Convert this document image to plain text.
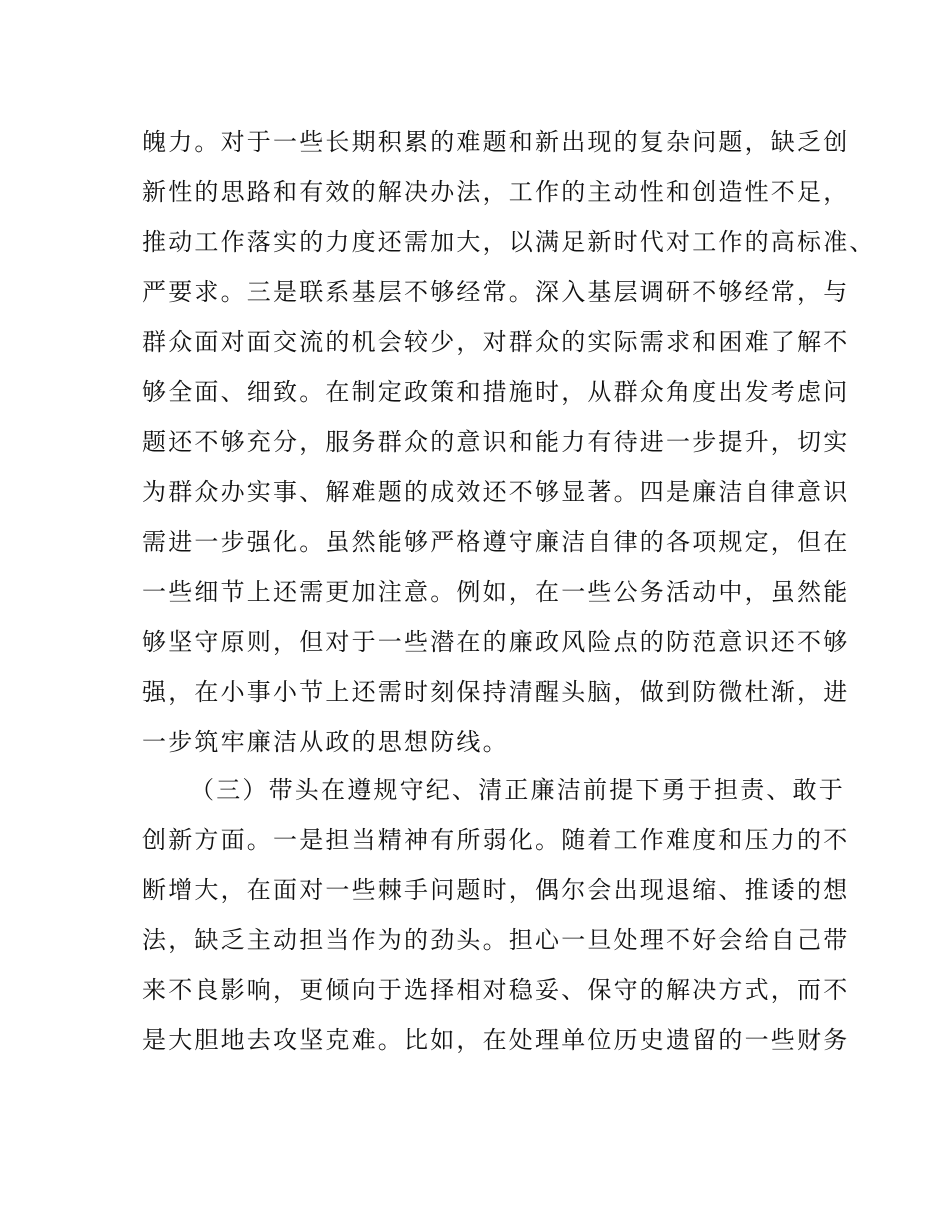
魄力。对于一些长期积累的难题和新出现的复杂问题，缺乏创
新性的思路和有效的解决办法，工作的主动性和创造性不足，
推动工作落实的力度还需加大，以满足新时代对工作的高标准、
严要求。三是联系基层不够经常。深入基层调研不够经常，与
群众面对面交流的机会较少，对群众的实际需求和困难了解不
够全面、细致。在制定政策和措施时，从群众角度出发考虑问
题还不够充分，服务群众的意识和能力有待进一步提升，切实
为群众办实事、解难题的成效还不够显著。四是廉洁自律意识
需进一步强化。虽然能够严格遵守廉洁自律的各项规定，但在
一些细节上还需更加注意。例如，在一些公务活动中，虽然能
够坚守原则，但对于一些潜在的廉政风险点的防范意识还不够
强，在小事小节上还需时刻保持清醒头脑，做到防微杜渐，进
一步筑牢廉洁从政的思想防线。
（三）带头在遵规守纪、清正廉洁前提下勇于担责、敢于
创新方面。一是担当精神有所弱化。随着工作难度和压力的不
断增大，在面对一些棘手问题时，偶尔会出现退缩、推诿的想
法，缺乏主动担当作为的劲头。担心一旦处理不好会给自己带
来不良影响，更倾向于选择相对稳妥、保守的解决方式，而不
是大胆地去攻坚克难。比如，在处理单位历史遗留的一些财务
